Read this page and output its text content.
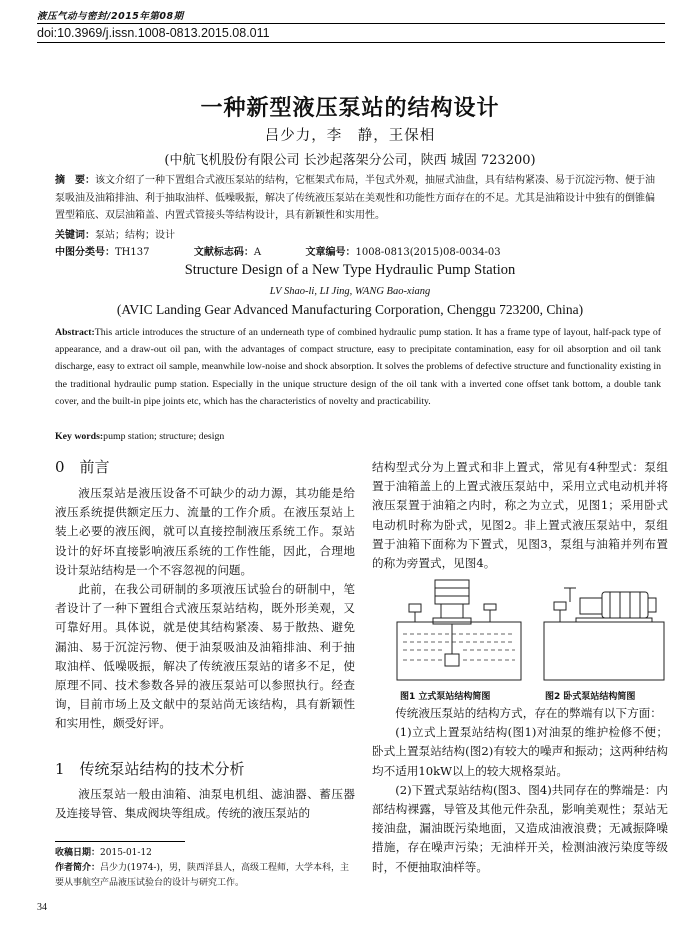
液压气动与密封/2015年第08期
doi:10.3969/j.issn.1008-0813.2015.08.011
一种新型液压泵站的结构设计
吕少力，李　静，王保相
(中航飞机股份有限公司 长沙起落架分公司，陕西 城固 723200)
摘　要：该文介绍了一种下置组合式液压泵站的结构，它框架式布局，半包式外观，抽屉式油盘，具有结构紧凑、易于沉淀污物、便于油泵吸油及油箱排油、利于抽取油样、低噪吸振，解决了传统液压泵站在美观性和功能性方面存在的不足。尤其是油箱设计中独有的倒锥偏置型箱底、双层油箱盖、内置式管接头等结构设计，具有新颖性和实用性。
关键词：泵站；结构；设计
中图分类号：TH137	文献标志码：A	文章编号：1008-0813(2015)08-0034-03
Structure Design of a New Type Hydraulic Pump Station
LV Shao-li, LI Jing, WANG Bao-xiang
(AVIC Landing Gear Advanced Manufacturing Corporation, Chenggu 723200, China)
Abstract:This article introduces the structure of an underneath type of combined hydraulic pump station. It has a frame type of layout, half-pack type of appearance, and a draw-out oil pan, with the advantages of compact structure, easy to precipitate contamination, easy for oil absorption and oil tank discharge, easy to extract oil sample, meanwhile low-noise and shock absorption. It solves the problems of defective structure and functionality existing in the traditional hydraulic pump station. Especially in the unique structure design of the oil tank with a inverted cone offset tank bottom, a double tank cover, and the built-in pipe joints etc, which has the characteristics of novelty and practicability.
Key words:pump station; structure; design
0　前言

液压泵站是液压设备不可缺少的动力源，其功能是给液压系统提供额定压力、流量的工作介质。在液压泵站上装上必要的液压阀，就可以直接控制液压系统工作。泵站设计的好坏直接影响液压系统的工作性能，因此，合理地设计泵站结构是一个不容忽视的问题。

此前，在我公司研制的多项液压试验台的研制中，笔者设计了一种下置组合式液压泵站结构，既外形美观，又可靠好用。具体说，就是使其结构紧凑、易于散热、避免漏油、易于沉淀污物、便于油泵吸油及油箱排油、利于抽取油样、低噪吸振，解决了传统液压泵站的诸多不足，使原理不同、技术参数各异的液压泵站可以参照执行。经查询，目前市场上及文献中的泵站尚无该结构，具有新颖性和实用性，颇受好评。

1　传统泵站结构的技术分析

液压泵站一般由油箱、油泵电机组、滤油器、蓄压器及连接导管、集成阀块等组成。传统的液压泵站的

收稿日期：2015-01-12
作者简介：吕少力(1974-)，男，陕西洋县人，高级工程师，大学本科，主要从事航空产品液压试验台的设计与研究工作。
34

结构型式分为上置式和非上置式，常见有4种型式：泵组置于油箱盖上的上置式液压泵站中，采用立式电动机并将液压泵置于油箱之内时，称之为立式，见图1；采用卧式电动机时称为卧式，见图2。非上置式液压泵站中，泵组置于油箱下面称为下置式，见图3，泵组与油箱并列布置的称为旁置式，见图4。

图1 立式泵站结构简图	图2 卧式泵站结构简图

传统液压泵站的结构方式，存在的弊端有以下方面：

(1)立式上置泵站结构(图1)对油泵的维护检修不便；卧式上置泵站结构(图2)有较大的噪声和振动；这两种结构均不适用10kW以上的较大规格泵站。

(2)下置式泵站结构(图3、图4)共同存在的弊端是：内部结构裸露，导管及其他元件杂乱，影响美观性；泵站无接油盘，漏油既污染地面，又造成油液浪费；无减振降噪措施，存在噪声污染；无油样开关，检测油液污染度等级时，不便抽取油样等。
